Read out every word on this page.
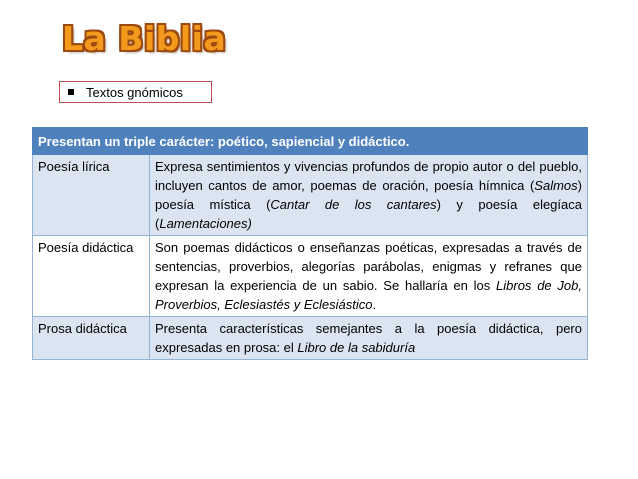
La Biblia
Textos gnómicos
Presentan un triple carácter: poético, sapiencial y didáctico.	
Poesía lírica	Expresa sentimientos y vivencias profundos de propio autor o del pueblo, incluyen cantos de amor, poemas de oración, poesía hímnica (Salmos) poesía mística (Cantar de los cantares) y poesía elegíaca (Lamentaciones)
Poesía didáctica	Son poemas didácticos o enseñanzas poéticas, expresadas a través de sentencias, proverbios, alegorías parábolas, enigmas y refranes que expresan la experiencia de un sabio. Se hallaría en los Libros de Job, Proverbios, Eclesiastés y Eclesiástico.
Prosa didáctica	Presenta características semejantes a la poesía didáctica, pero expresadas en prosa: el Libro de la sabiduría
